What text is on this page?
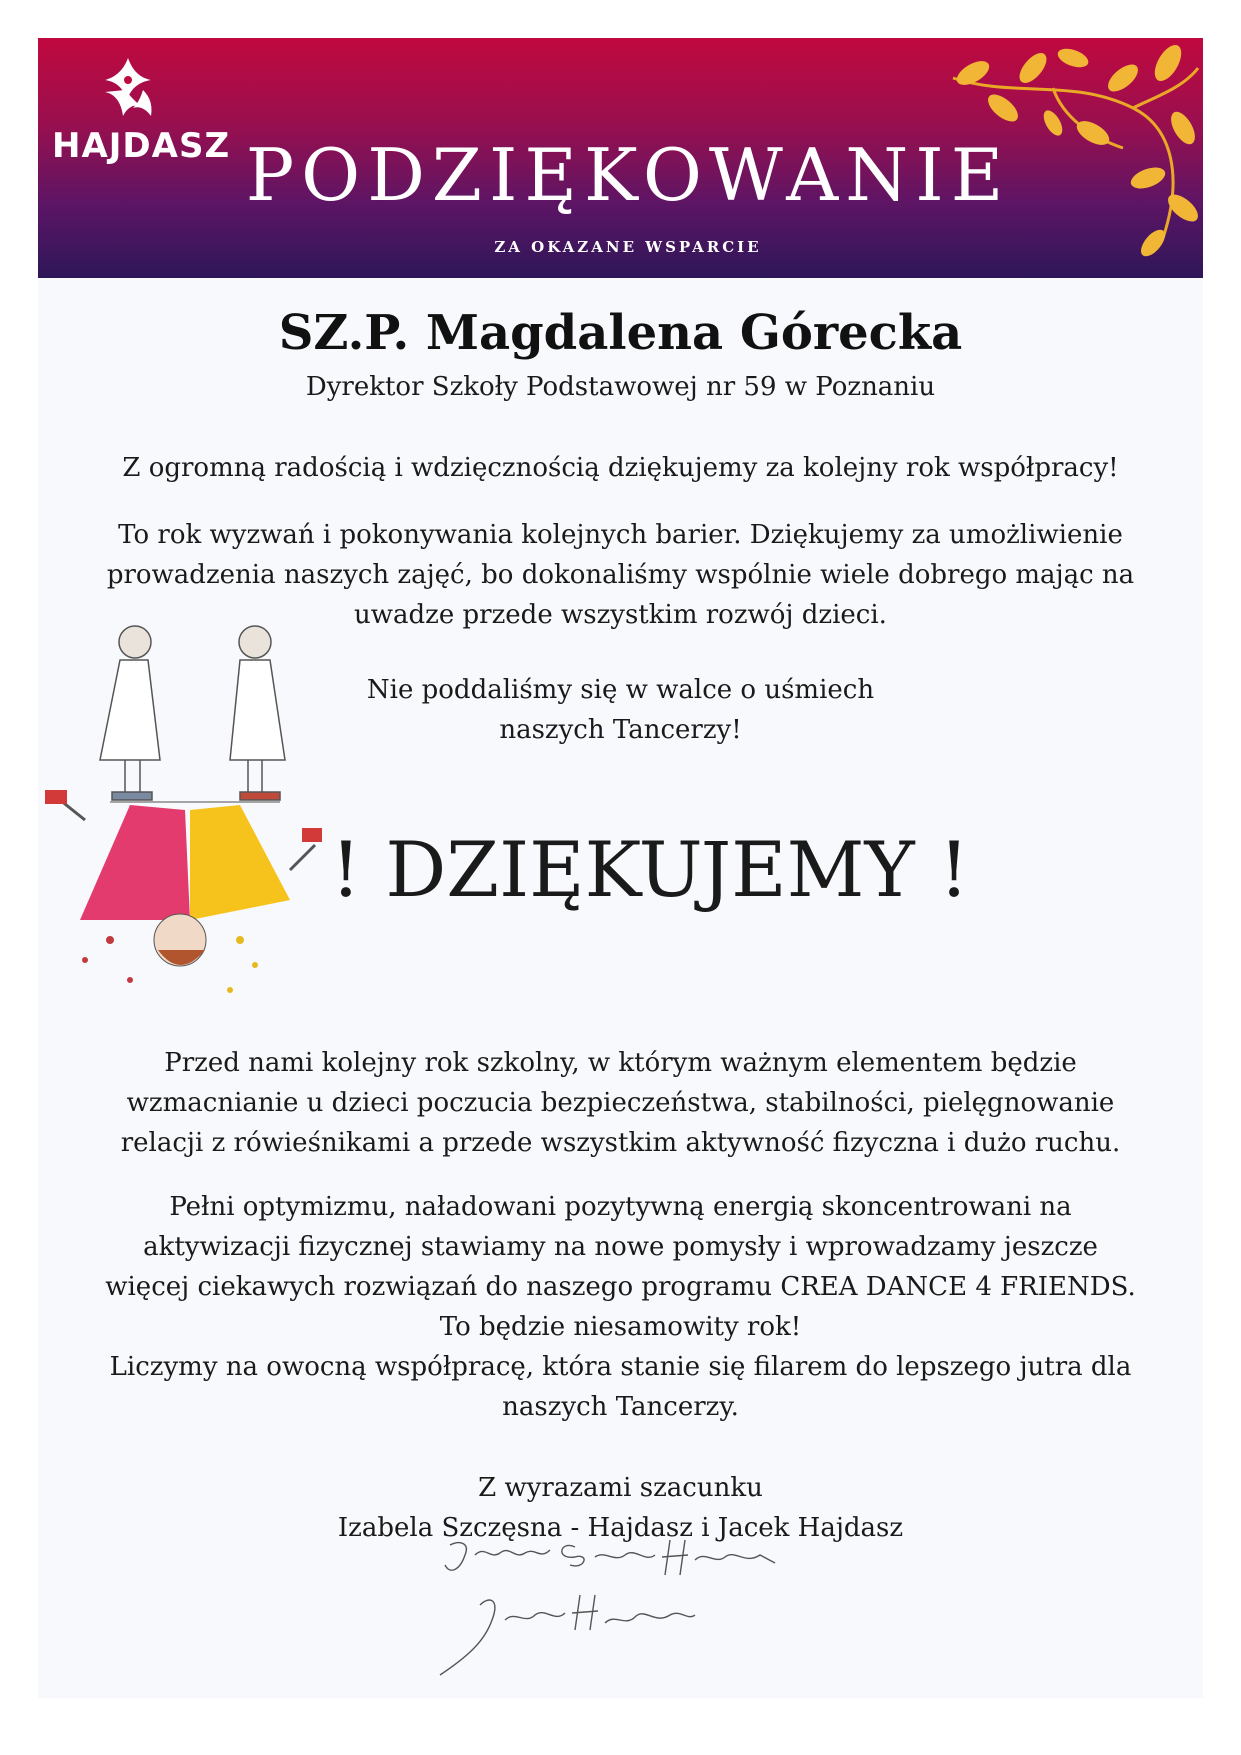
HAJDASZ PODZIĘKOWANIE
ZA OKAZANE WSPARCIE
SZ.P. Magdalena Górecka
Dyrektor Szkoły Podstawowej nr 59 w Poznaniu
Z ogromną radością i wdzięcznością dziękujemy za kolejny rok współpracy!
To rok wyzwań i pokonywania kolejnych barier. Dziękujemy za umożliwienie
prowadzenia naszych zajęć, bo dokonaliśmy wspólnie wiele dobrego mając na
uwadze przede wszystkim rozwój dzieci.
Nie poddaliśmy się w walce o uśmiech
naszych Tancerzy!
! DZIĘKUJEMY !
Przed nami kolejny rok szkolny, w którym ważnym elementem będzie
wzmacnianie u dzieci poczucia bezpieczeństwa, stabilności, pielęgnowanie
relacji z rówieśnikami a przede wszystkim aktywność fizyczna i dużo ruchu.
Pełni optymizmu, naładowani pozytywną energią skoncentrowani na
aktywizacji fizycznej stawiamy na nowe pomysły i wprowadzamy jeszcze
więcej ciekawych rozwiązań do naszego programu CREA DANCE 4 FRIENDS.
To będzie niesamowity rok!
Liczymy na owocną współpracę, która stanie się filarem do lepszego jutra dla
naszych Tancerzy.
Z wyrazami szacunku
Izabela Szczęsna - Hajdasz i Jacek Hajdasz
